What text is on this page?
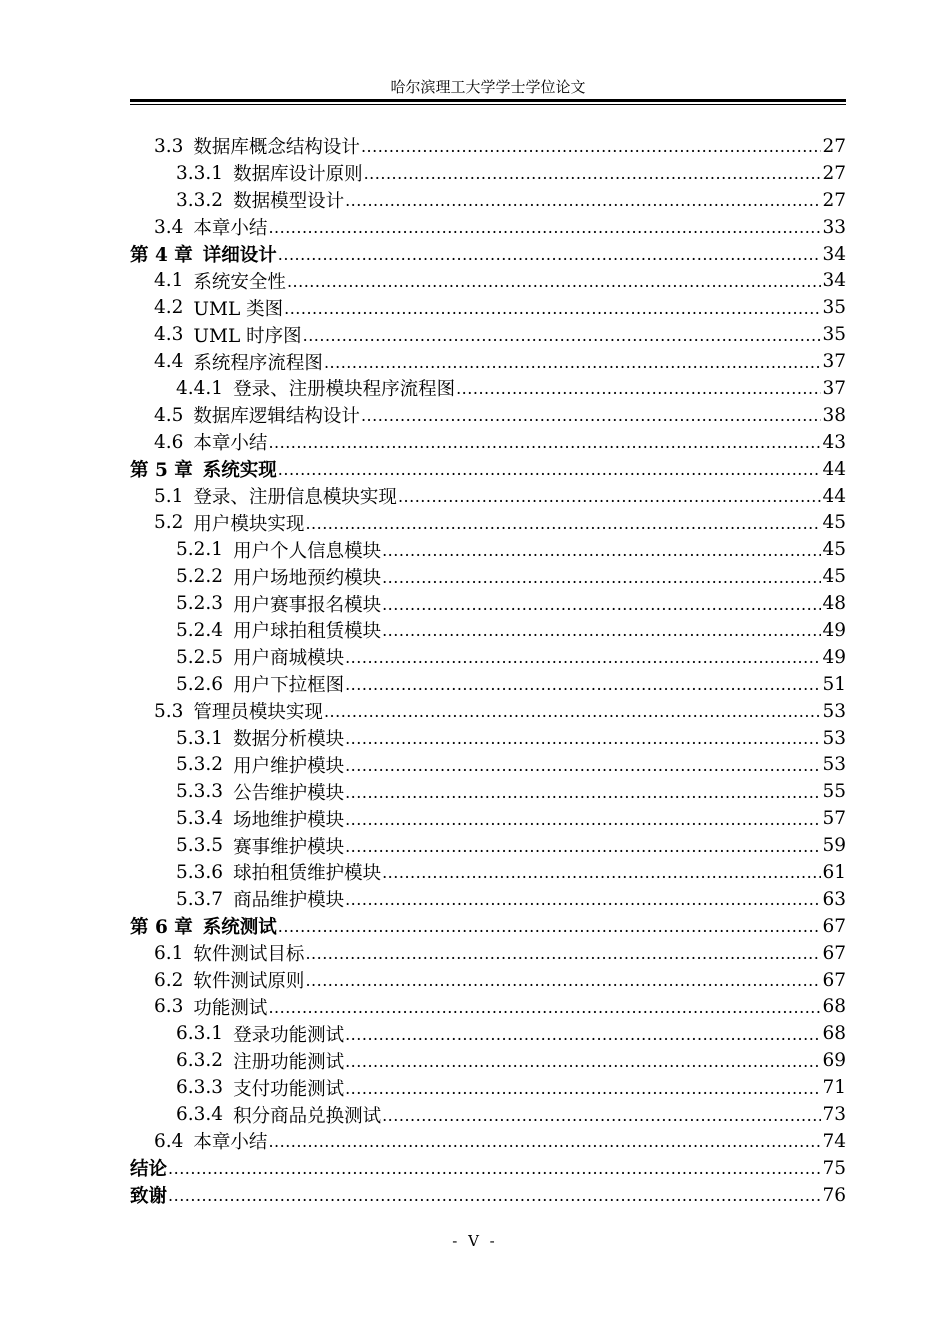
哈尔滨理工大学学士学位论文
3.3 数据库概念结构设计 .....	27
3.3.1 数据库设计原则 .....	27
3.3.2 数据模型设计 .....	27
3.4 本章小结 .....	33
第 4 章 详细设计 .....	34
4.1 系统安全性 .....	34
4.2 UML 类图 .....	35
4.3 UML 时序图 .....	35
4.4 系统程序流程图 .....	37
4.4.1 登录、注册模块程序流程图 .....	37
4.5 数据库逻辑结构设计 .....	38
4.6 本章小结 .....	43
第 5 章 系统实现 .....	44
5.1 登录、注册信息模块实现 .....	44
5.2 用户模块实现 .....	45
5.2.1 用户个人信息模块 .....	45
5.2.2 用户场地预约模块 .....	45
5.2.3 用户赛事报名模块 .....	48
5.2.4 用户球拍租赁模块 .....	49
5.2.5 用户商城模块 .....	49
5.2.6 用户下拉框图 .....	51
5.3 管理员模块实现 .....	53
5.3.1 数据分析模块 .....	53
5.3.2 用户维护模块 .....	53
5.3.3 公告维护模块 .....	55
5.3.4 场地维护模块 .....	57
5.3.5 赛事维护模块 .....	59
5.3.6 球拍租赁维护模块 .....	61
5.3.7 商品维护模块 .....	63
第 6 章 系统测试 .....	67
6.1 软件测试目标 .....	67
6.2 软件测试原则 .....	67
6.3 功能测试 .....	68
6.3.1 登录功能测试 .....	68
6.3.2 注册功能测试 .....	69
6.3.3 支付功能测试 .....	71
6.3.4 积分商品兑换测试 .....	73
6.4 本章小结 .....	74
结论 .....	75
致谢 .....	76
- V -
